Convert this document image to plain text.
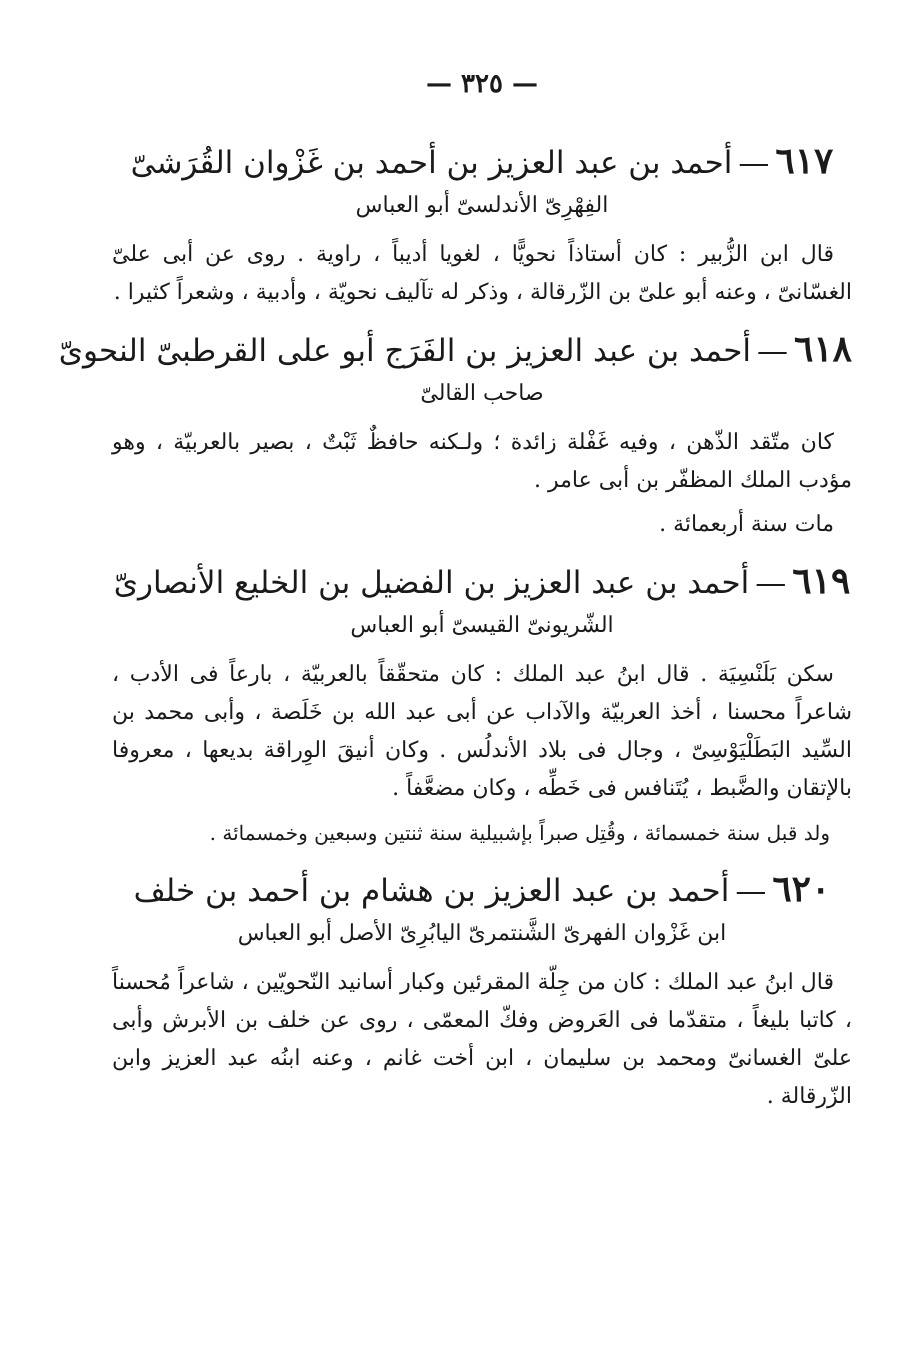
— ٣٢٥ —
٦١٧—أحمد بن عبد العزيز بن أحمد بن غَزْوان القُرَشىّ
الفِهْرِىّ الأندلسىّ أبو العباس

قال ابن الزُّبير : كان أستاذاً نحويًّا ، لغويا أديباً ، راوية . روى عن أبى علىّ الغسّانىّ ، وعنه أبو علىّ بن الزّرقالة ، وذكر له تآليف نحويّة ، وأدبية ، وشعراً كثيرا .

٦١٨—أحمد بن عبد العزيز بن الفَرَج أبو على القرطبىّ النحوىّ
صاحب القالىّ

كان متّقد الذّهن ، وفيه غَفْلة زائدة ؛ ولـكنه حافظٌ ثَبْتٌ ، بصير بالعربيّة ، وهو مؤدب الملك المظفّر بن أبى عامر .

مات سنة أربعمائة .

٦١٩—أحمد بن عبد العزيز بن الفضيل بن الخليع الأنصارىّ
الشّريونىّ القيسىّ أبو العباس

سكن بَلَنْسِيَة . قال ابنُ عبد الملك : كان متحقّقاً بالعربيّة ، بارعاً فى الأدب ، شاعراً محسنا ، أخذ العربيّة والآداب عن أبى عبد الله بن خَلَصة ، وأبى محمد بن السِّيد البَطَلْيَوْسِىّ ، وجال فى بلاد الأندلُس . وكان أنيقَ الوِراقة بديعها ، معروفا بالإتقان والضَّبط ، يُتَنافس فى خَطِّه ، وكان مضعَّفاً .

ولد قبل سنة خمسمائة ، وقُتِل صبراً بإشبيلية سنة ثنتين وسبعين وخمسمائة .

٦٢٠—أحمد بن عبد العزيز بن هشام بن أحمد بن خلف
ابن غَزْوان الفهرىّ الشَّنتمرىّ اليابُرِىّ الأصل أبو العباس

قال ابنُ عبد الملك : كان من جِلّة المقرئين وكبار أسانيد النّحويّين ، شاعراً مُحسناً ، كاتبا بليغاً ، متقدّما فى العَروض وفكّ المعمّى ، روى عن خلف بن الأبرش وأبى علىّ الغسانىّ ومحمد بن سليمان ، ابن أخت غانم ، وعنه ابنُه عبد العزيز وابن الزّرقالة .
